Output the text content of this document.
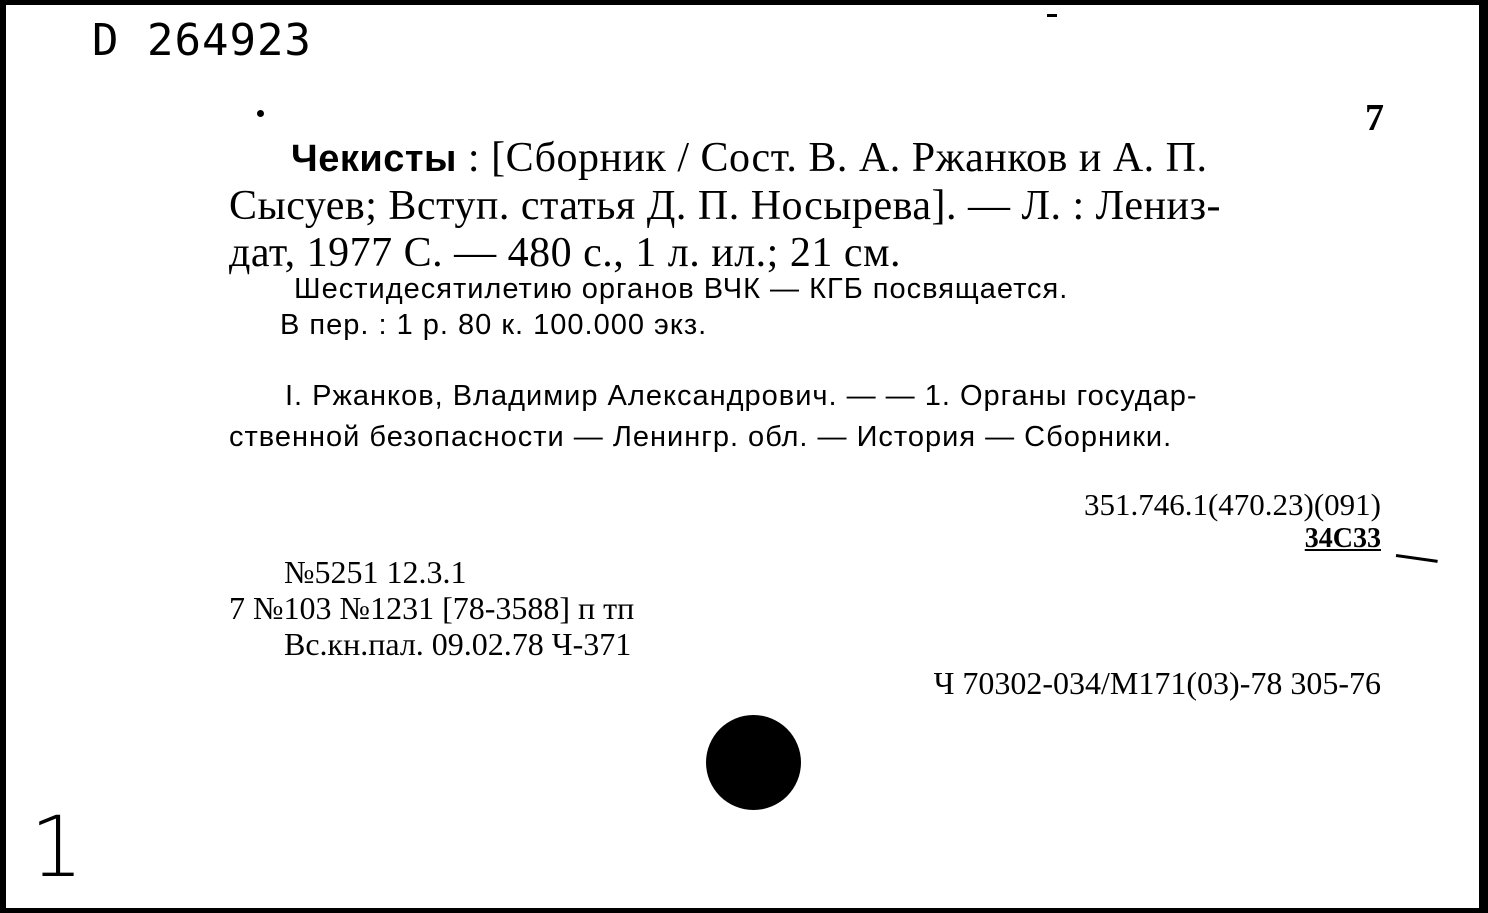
D 264923
7

Чекисты : [Сборник / Сост. В. А. Ржанков и А. П.

Сысуев; Вступ. статья Д. П. Носырева]. — Л. : Лениз-

дат, 1977 С. — 480 с., 1 л. ил.; 21 см.

Шестидесятилетию органов ВЧК — КГБ посвящается.
В пер. : 1 р. 80 к. 100.000 экз.
I. Ржанков, Владимир Александрович. — — 1. Органы государ-
ственной безопасности — Ленингр. обл. — История — Сборники.
351.746.1(470.23)(091)
34С33
№5251 12.3.1
7 №103 №1231 [78-3588] п тп
Вс.кн.пал. 09.02.78 Ч-371
Ч 70302-034/М171(03)-78 305-76
1
